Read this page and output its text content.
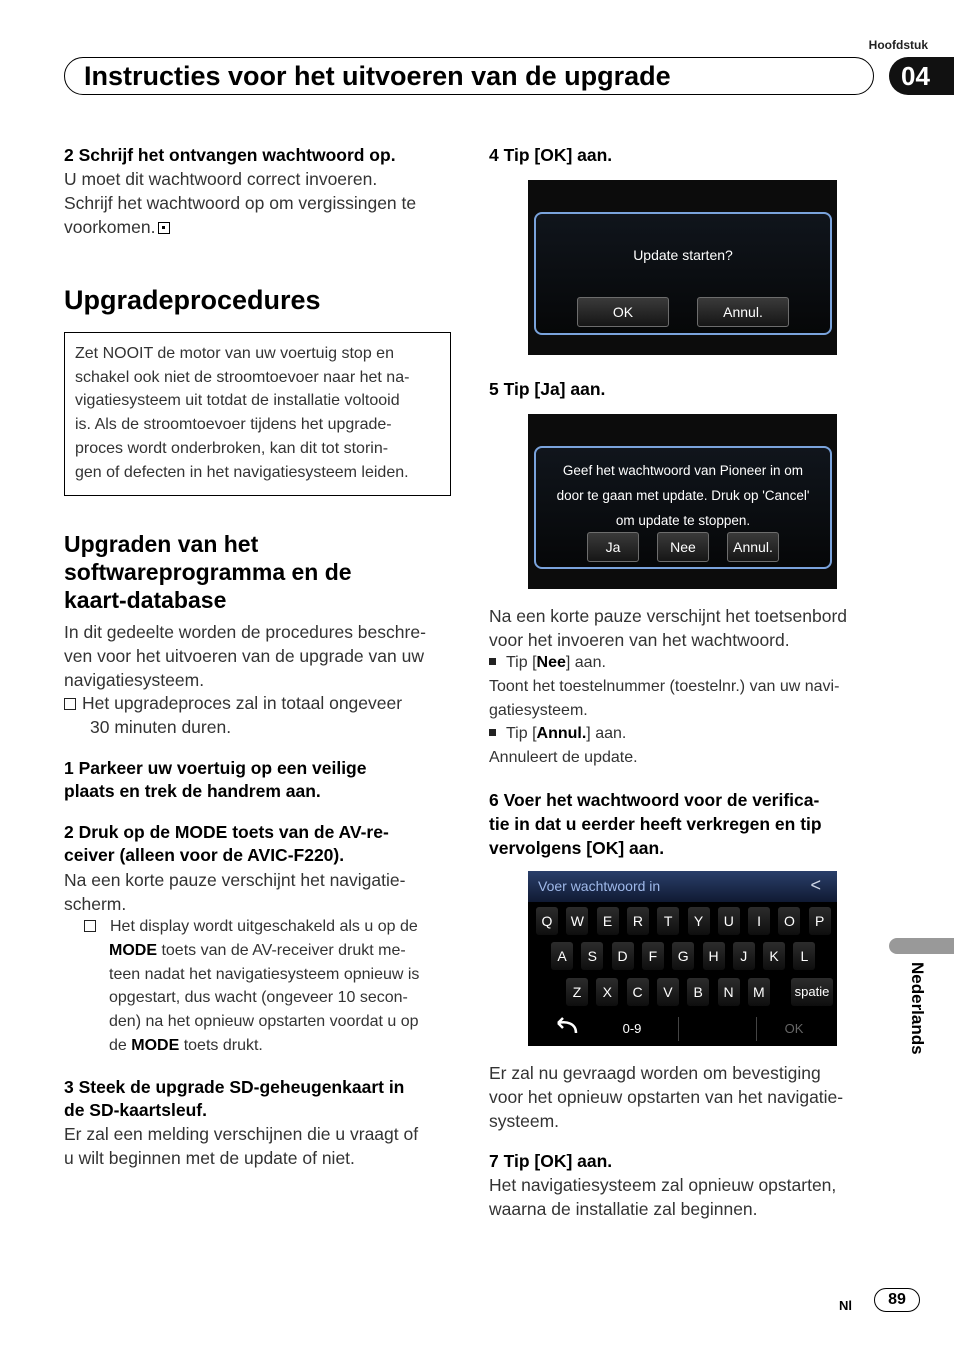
Hoofdstuk
Instructies voor het uitvoeren van de upgrade	04
2 Schrijf het ontvangen wachtwoord op.
U moet dit wachtwoord correct invoeren.
Schrijf het wachtwoord op om vergissingen te
voorkomen.
Upgradeprocedures
Zet NOOIT de motor van uw voertuig stop en
schakel ook niet de stroomtoevoer naar het na-
vigatiesysteem uit totdat de installatie voltooid
is. Als de stroomtoevoer tijdens het upgrade-
proces wordt onderbroken, kan dit tot storin-
gen of defecten in het navigatiesysteem leiden.
Upgraden van het
softwareprogramma en de
kaart-database
In dit gedeelte worden de procedures beschre-
ven voor het uitvoeren van de upgrade van uw
navigatiesysteem.
Het upgradeproces zal in totaal ongeveer
30 minuten duren.
1 Parkeer uw voertuig op een veilige
plaats en trek de handrem aan.
2 Druk op de MODE toets van de AV-re-
ceiver (alleen voor de AVIC-F220).
Na een korte pauze verschijnt het navigatie-
scherm.
Het display wordt uitgeschakeld als u op de
MODE toets van de AV-receiver drukt me-
teen nadat het navigatiesysteem opnieuw is
opgestart, dus wacht (ongeveer 10 secon-
den) na het opnieuw opstarten voordat u op
de MODE toets drukt.
3 Steek de upgrade SD-geheugenkaart in
de SD-kaartsleuf.
Er zal een melding verschijnen die u vraagt of
u wilt beginnen met de update of niet.
4 Tip [OK] aan.
Update starten?
OK	Annul.
5 Tip [Ja] aan.
Geef het wachtwoord van Pioneer in om
door te gaan met update. Druk op 'Cancel'
om update te stoppen.
Ja	Nee	Annul.
Na een korte pauze verschijnt het toetsenbord
voor het invoeren van het wachtwoord.
Tip [Nee] aan.
Toont het toestelnummer (toestelnr.) van uw navi-
gatiesysteem.
Tip [Annul.] aan.
Annuleert de update.
6 Voer het wachtwoord voor de verifica-
tie in dat u eerder heeft verkregen en tip
vervolgens [OK] aan.
Voer wachtwoord in	<
Q	W	E	R	T	Y	U	I	O	P
A	S	D	F	G	H	J	K	L
Z	X	C	V	B	N	M	spatie
0-9	OK
Er zal nu gevraagd worden om bevestiging
voor het opnieuw opstarten van het navigatie-
systeem.
7 Tip [OK] aan.
Het navigatiesysteem zal opnieuw opstarten,
waarna de installatie zal beginnen.
Nederlands
Nl	89
